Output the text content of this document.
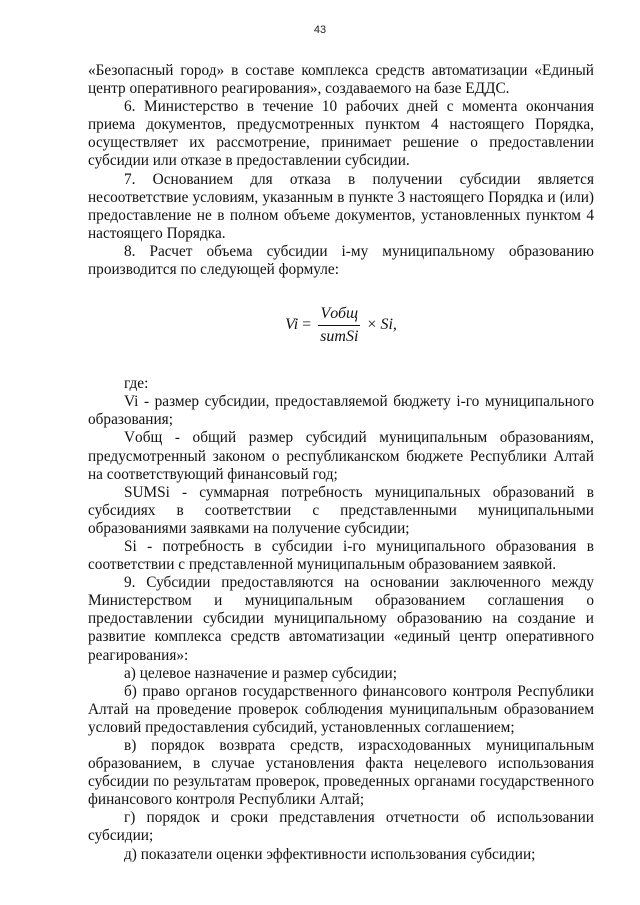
43

«Безопасный город» в составе комплекса средств автоматизации «Единый центр оперативного реагирования», создаваемого на базе ЕДДС.

6. Министерство в течение 10 рабочих дней с момента окончания приема документов, предусмотренных пунктом 4 настоящего Порядка, осуществляет их рассмотрение, принимает решение о предоставлении субсидии или отказе в предоставлении субсидии.

7. Основанием для отказа в получении субсидии является несоответствие условиям, указанным в пункте 3 настоящего Порядка и (или) предоставление не в полном объеме документов, установленных пунктом 4 настоящего Порядка.

8. Расчет объема субсидии i-му муниципальному образованию производится по следующей формуле:

$Vi = \frac{\text{Vобщ}}{\text{sumSi}} \times Si$,

где:

Vi - размер субсидии, предоставляемой бюджету i-го муниципального образования;

Vобщ - общий размер субсидий муниципальным образованиям, предусмотренный законом о республиканском бюджете Республики Алтай на соответствующий финансовый год;

SUMSi - суммарная потребность муниципальных образований в субсидиях в соответствии с представленными муниципальными образованиями заявками на получение субсидии;

Si - потребность в субсидии i-го муниципального образования в соответствии с представленной муниципальным образованием заявкой.

9. Субсидии предоставляются на основании заключенного между Министерством и муниципальным образованием соглашения о предоставлении субсидии муниципальному образованию на создание и развитие комплекса средств автоматизации «единый центр оперативного реагирования»:

а) целевое назначение и размер субсидии;

б) право органов государственного финансового контроля Республики Алтай на проведение проверок соблюдения муниципальным образованием условий предоставления субсидий, установленных соглашением;

в) порядок возврата средств, израсходованных муниципальным образованием, в случае установления факта нецелевого использования субсидии по результатам проверок, проведенных органами государственного финансового контроля Республики Алтай;

г) порядок и сроки представления отчетности об использовании субсидии;

д) показатели оценки эффективности использования субсидии;
